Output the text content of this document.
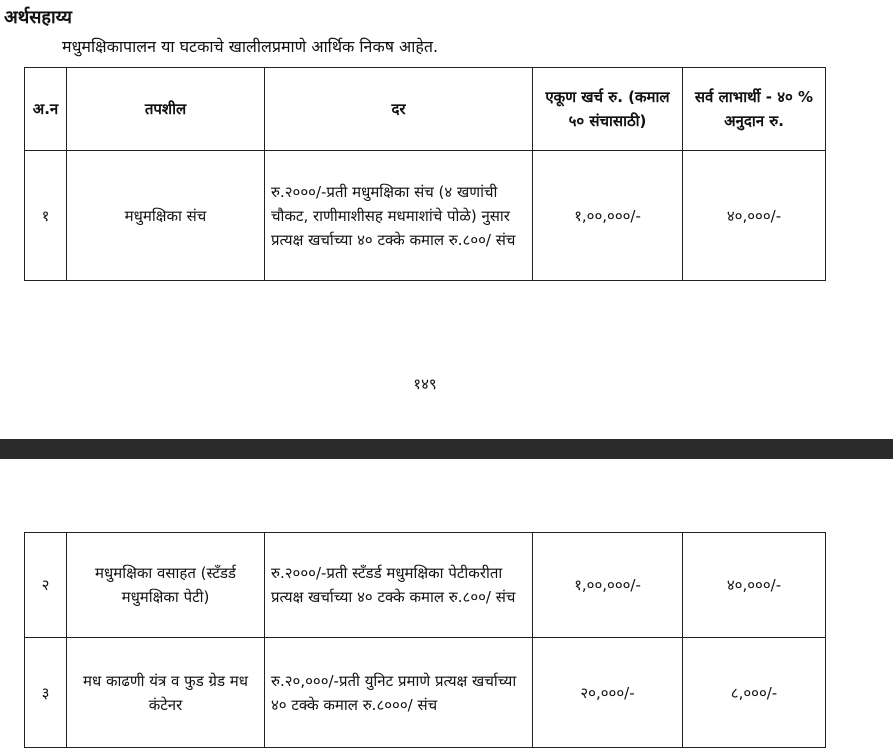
अर्थसहाय्य
मधुमक्षिकापालन या घटकाचे खालीलप्रमाणे आर्थिक निकष आहेत.
अ.न	तपशील	दर	एकूण खर्च रु. (कमाल ५० संचासाठी)	सर्व लाभार्थी - ४० % अनुदान रु.
१	मधुमक्षिका संच	रु.२०००/-प्रती मधुमक्षिका संच (४ खणांची चौकट, राणीमाशीसह मधमाशांचे पोळे) नुसार प्रत्यक्ष खर्चाच्या ४० टक्के कमाल रु.८००/ संच	१,००,०००/-	४०,०००/-
१४९
२	मधुमक्षिका वसाहत (स्टँडर्ड मधुमक्षिका पेटी)	रु.२०००/-प्रती स्टँडर्ड मधुमक्षिका पेटीकरीता प्रत्यक्ष खर्चाच्या ४० टक्के कमाल रु.८००/ संच	१,००,०००/-	४०,०००/-
३	मध काढणी यंत्र व फुड ग्रेड मध कंटेनर	रु.२०,०००/-प्रती युनिट प्रमाणे प्रत्यक्ष खर्चाच्या ४० टक्के कमाल रु.८०००/ संच	२०,०००/-	८,०००/-
